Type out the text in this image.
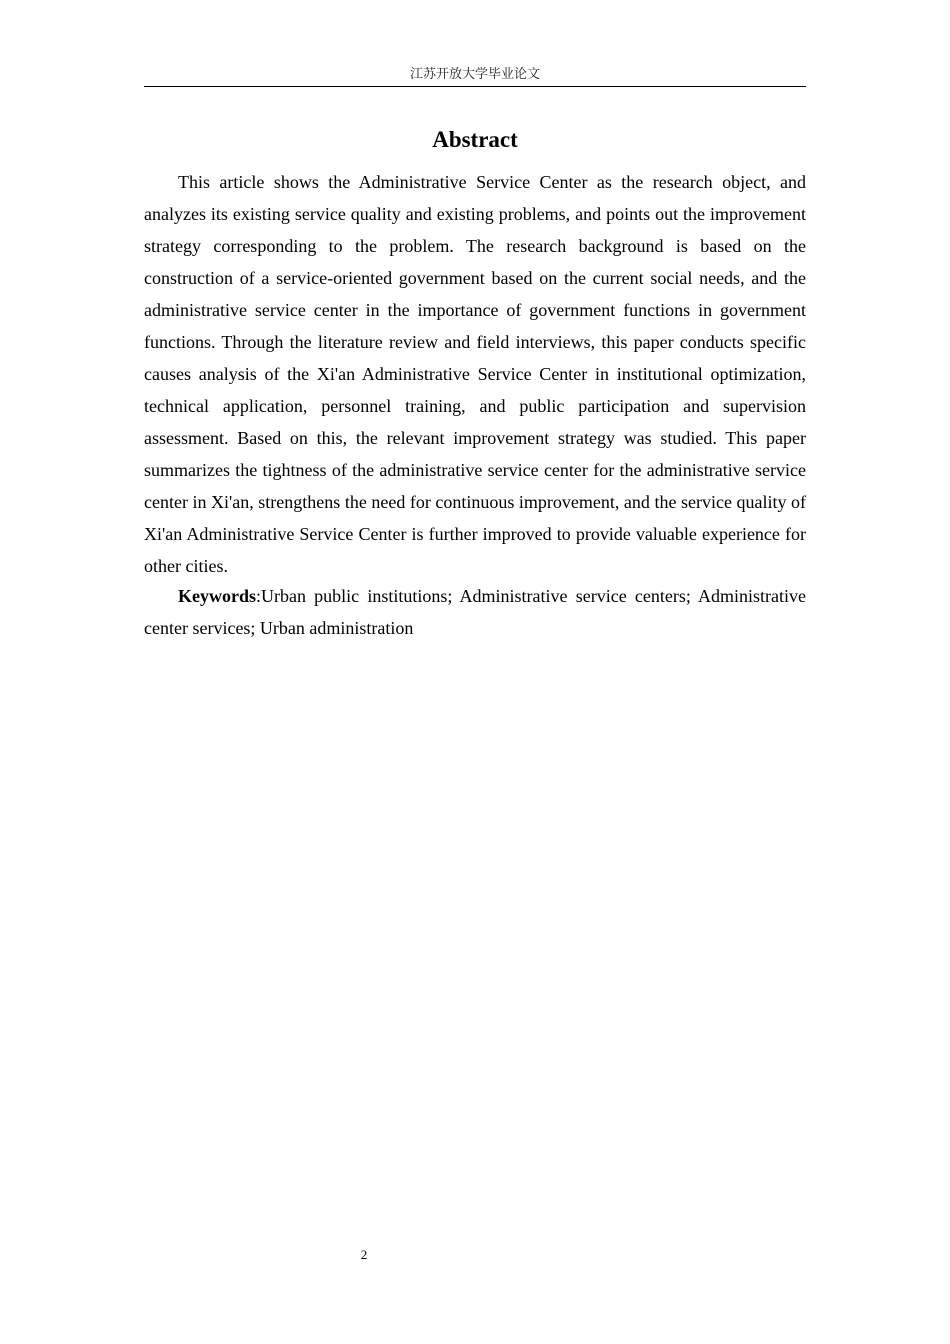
江苏开放大学毕业论文
Abstract

This article shows the Administrative Service Center as the research object, and analyzes its existing service quality and existing problems, and points out the improvement strategy corresponding to the problem. The research background is based on the construction of a service-oriented government based on the current social needs, and the administrative service center in the importance of government functions in government functions. Through the literature review and field interviews, this paper conducts specific causes analysis of the Xi'an Administrative Service Center in institutional optimization, technical application, personnel training, and public participation and supervision assessment. Based on this, the relevant improvement strategy was studied. This paper summarizes the tightness of the administrative service center for the administrative service center in Xi'an, strengthens the need for continuous improvement, and the service quality of Xi'an Administrative Service Center is further improved to provide valuable experience for other cities.

Keywords:Urban public institutions; Administrative service centers; Administrative center services; Urban administration

2
